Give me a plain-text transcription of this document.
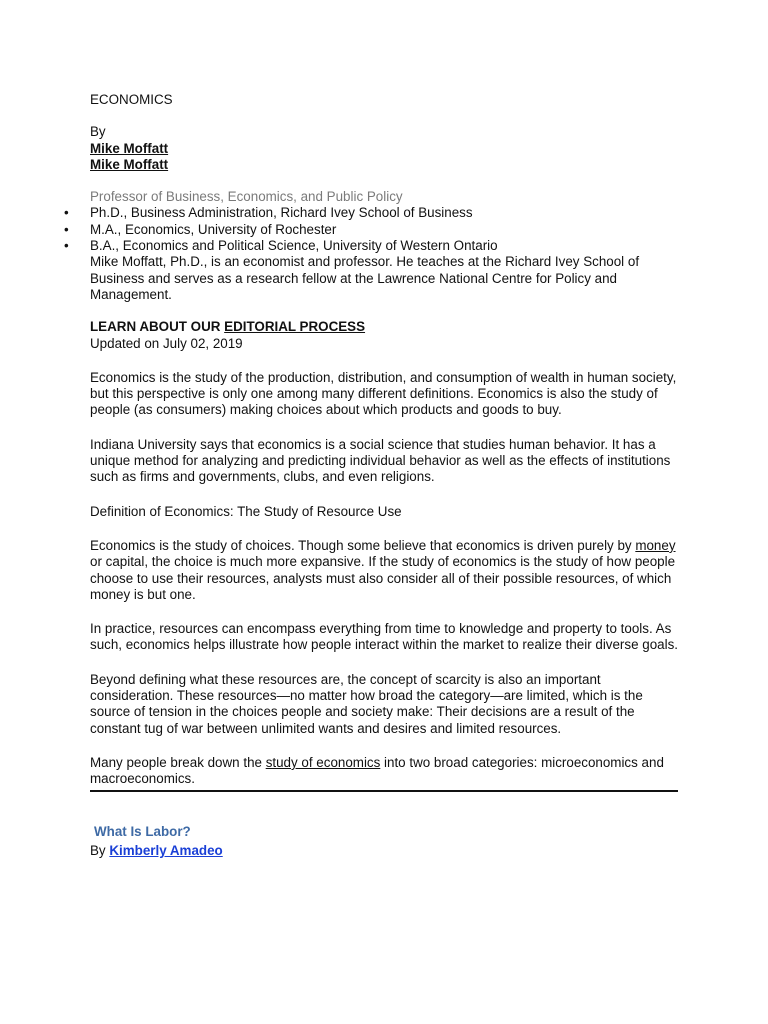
ECONOMICS

By

Mike Moffatt
Mike Moffatt

Professor of Business, Economics, and Public Policy

• Ph.D., Business Administration, Richard Ivey School of Business
• M.A., Economics, University of Rochester
• B.A., Economics and Political Science, University of Western Ontario

Mike Moffatt, Ph.D., is an economist and professor. He teaches at the Richard Ivey School of Business and serves as a research fellow at the Lawrence National Centre for Policy and Management.

LEARN ABOUT OUR EDITORIAL PROCESS

Updated on July 02, 2019

Economics is the study of the production, distribution, and consumption of wealth in human society, but this perspective is only one among many different definitions. Economics is also the study of people (as consumers) making choices about which products and goods to buy.

Indiana University says that economics is a social science that studies human behavior. It has a unique method for analyzing and predicting individual behavior as well as the effects of institutions such as firms and governments, clubs, and even religions.

Definition of Economics: The Study of Resource Use

Economics is the study of choices. Though some believe that economics is driven purely by money or capital, the choice is much more expansive. If the study of economics is the study of how people choose to use their resources, analysts must also consider all of their possible resources, of which money is but one.

In practice, resources can encompass everything from time to knowledge and property to tools. As such, economics helps illustrate how people interact within the market to realize their diverse goals.

Beyond defining what these resources are, the concept of scarcity is also an important consideration. These resources—no matter how broad the category—are limited, which is the source of tension in the choices people and society make: Their decisions are a result of the constant tug of war between unlimited wants and desires and limited resources.

Many people break down the study of economics into two broad categories: microeconomics and macroeconomics.

What Is Labor?

By Kimberly Amadeo
